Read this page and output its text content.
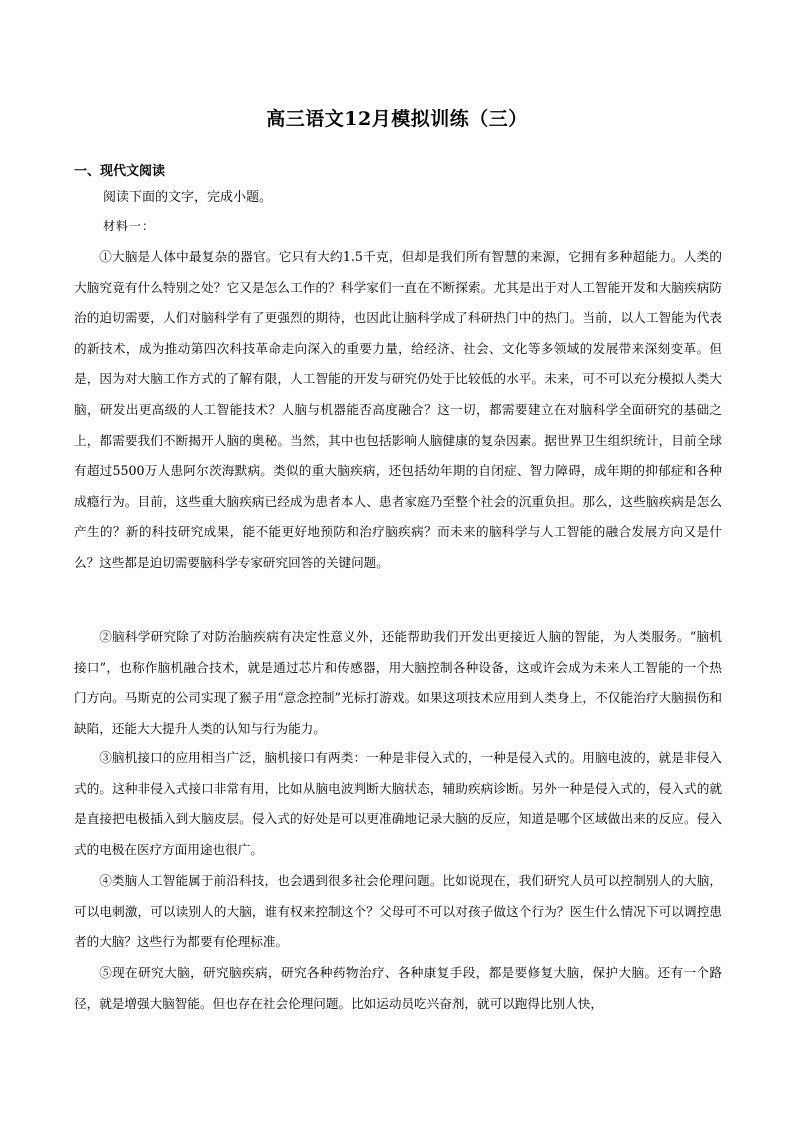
高三语文12月模拟训练（三）
一、现代文阅读
阅读下面的文字，完成小题。
材料一：

①大脑是人体中最复杂的器官。它只有大约1.5千克，但却是我们所有智慧的来源，它拥有多种超能力。人类的大脑究竟有什么特别之处？它又是怎么工作的？科学家们一直在不断探索。尤其是出于对人工智能开发和大脑疾病防治的迫切需要，人们对脑科学有了更强烈的期待，也因此让脑科学成了科研热门中的热门。当前，以人工智能为代表的新技术，成为推动第四次科技革命走向深入的重要力量，给经济、社会、文化等多领域的发展带来深刻变革。但是，因为对大脑工作方式的了解有限，人工智能的开发与研究仍处于比较低的水平。未来，可不可以充分模拟人类大脑，研发出更高级的人工智能技术？人脑与机器能否高度融合？这一切，都需要建立在对脑科学全面研究的基础之上，都需要我们不断揭开人脑的奥秘。当然，其中也包括影响人脑健康的复杂因素。据世界卫生组织统计，目前全球有超过5500万人患阿尔茨海默病。类似的重大脑疾病，还包括幼年期的自闭症、智力障碍，成年期的抑郁症和各种成瘾行为。目前，这些重大脑疾病已经成为患者本人、患者家庭乃至整个社会的沉重负担。那么，这些脑疾病是怎么产生的？新的科技研究成果，能不能更好地预防和治疗脑疾病？而未来的脑科学与人工智能的融合发展方向又是什么？这些都是迫切需要脑科学专家研究回答的关键问题。

②脑科学研究除了对防治脑疾病有决定性意义外，还能帮助我们开发出更接近人脑的智能，为人类服务。“脑机接口”，也称作脑机融合技术，就是通过芯片和传感器，用大脑控制各种设备，这或许会成为未来人工智能的一个热门方向。马斯克的公司实现了猴子用“意念控制”光标打游戏。如果这项技术应用到人类身上，不仅能治疗大脑损伤和缺陷，还能大大提升人类的认知与行为能力。

③脑机接口的应用相当广泛，脑机接口有两类：一种是非侵入式的，一种是侵入式的。用脑电波的，就是非侵入式的。这种非侵入式接口非常有用，比如从脑电波判断大脑状态，辅助疾病诊断。另外一种是侵入式的，侵入式的就是直接把电极插入到大脑皮层。侵入式的好处是可以更准确地记录大脑的反应，知道是哪个区域做出来的反应。侵入式的电极在医疗方面用途也很广。

④类脑人工智能属于前沿科技，也会遇到很多社会伦理问题。比如说现在，我们研究人员可以控制别人的大脑，可以电刺激，可以读别人的大脑，谁有权来控制这个？父母可不可以对孩子做这个行为？医生什么情况下可以调控患者的大脑？这些行为都要有伦理标准。

⑤现在研究大脑，研究脑疾病，研究各种药物治疗、各种康复手段，都是要修复大脑，保护大脑。还有一个路径，就是增强大脑智能。但也存在社会伦理问题。比如运动员吃兴奋剂，就可以跑得比别人快，
